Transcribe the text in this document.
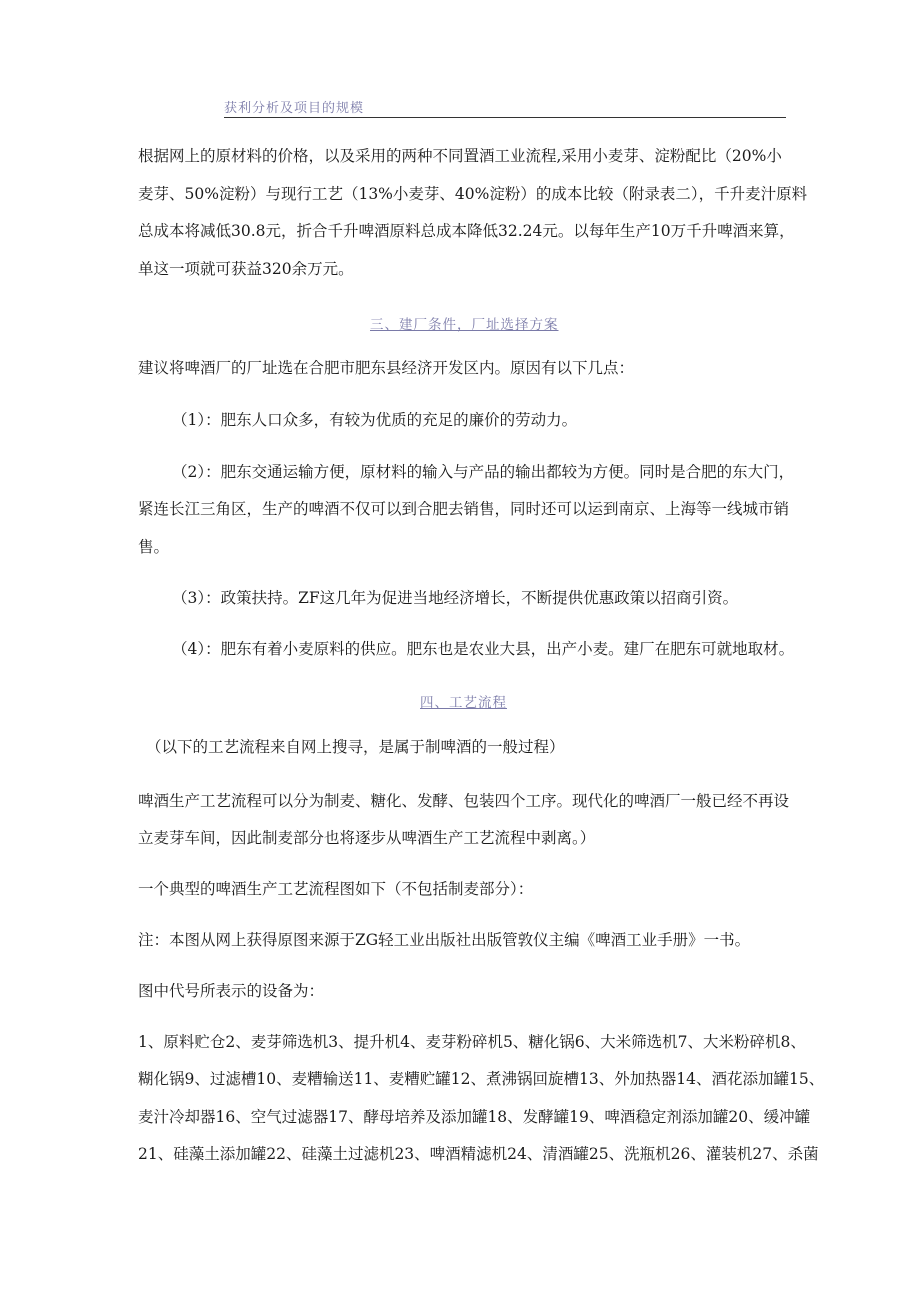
获利分析及项目的规模
根据网上的原材料的价格，以及采用的两种不同置酒工业流程,采用小麦芽、淀粉配比（20%小
麦芽、50%淀粉）与现行工艺（13%小麦芽、40%淀粉）的成本比较（附录表二），千升麦汁原料
总成本将减低30.8元，折合千升啤酒原料总成本降低32.24元。以每年生产10万千升啤酒来算，
单这一项就可获益320余万元。
三、建厂条件，厂址选择方案
建议将啤酒厂的厂址选在合肥市肥东县经济开发区内。原因有以下几点：
（1）：肥东人口众多，有较为优质的充足的廉价的劳动力。
（2）：肥东交通运输方便，原材料的输入与产品的输出都较为方便。同时是合肥的东大门，
紧连长江三角区，生产的啤酒不仅可以到合肥去销售，同时还可以运到南京、上海等一线城市销
售。
（3）：政策扶持。ZF这几年为促进当地经济增长，不断提供优惠政策以招商引资。
（4）：肥东有着小麦原料的供应。肥东也是农业大县，出产小麦。建厂在肥东可就地取材。
四、工艺流程
（以下的工艺流程来自网上搜寻，是属于制啤酒的一般过程）
啤酒生产工艺流程可以分为制麦、糖化、发酵、包装四个工序。现代化的啤酒厂一般已经不再设
立麦芽车间，因此制麦部分也将逐步从啤酒生产工艺流程中剥离。）
一个典型的啤酒生产工艺流程图如下（不包括制麦部分）：
注：本图从网上获得原图来源于ZG轻工业出版社出版管敦仪主编《啤酒工业手册》一书。
图中代号所表示的设备为：
1、原料贮仓2、麦芽筛选机3、提升机4、麦芽粉碎机5、糖化锅6、大米筛选机7、大米粉碎机8、
糊化锅9、过滤槽10、麦糟输送11、麦糟贮罐12、煮沸锅回旋槽13、外加热器14、酒花添加罐15、
麦汁冷却器16、空气过滤器17、酵母培养及添加罐18、发酵罐19、啤酒稳定剂添加罐20、缓冲罐
21、硅藻土添加罐22、硅藻土过滤机23、啤酒精滤机24、清酒罐25、洗瓶机26、灌装机27、杀菌
